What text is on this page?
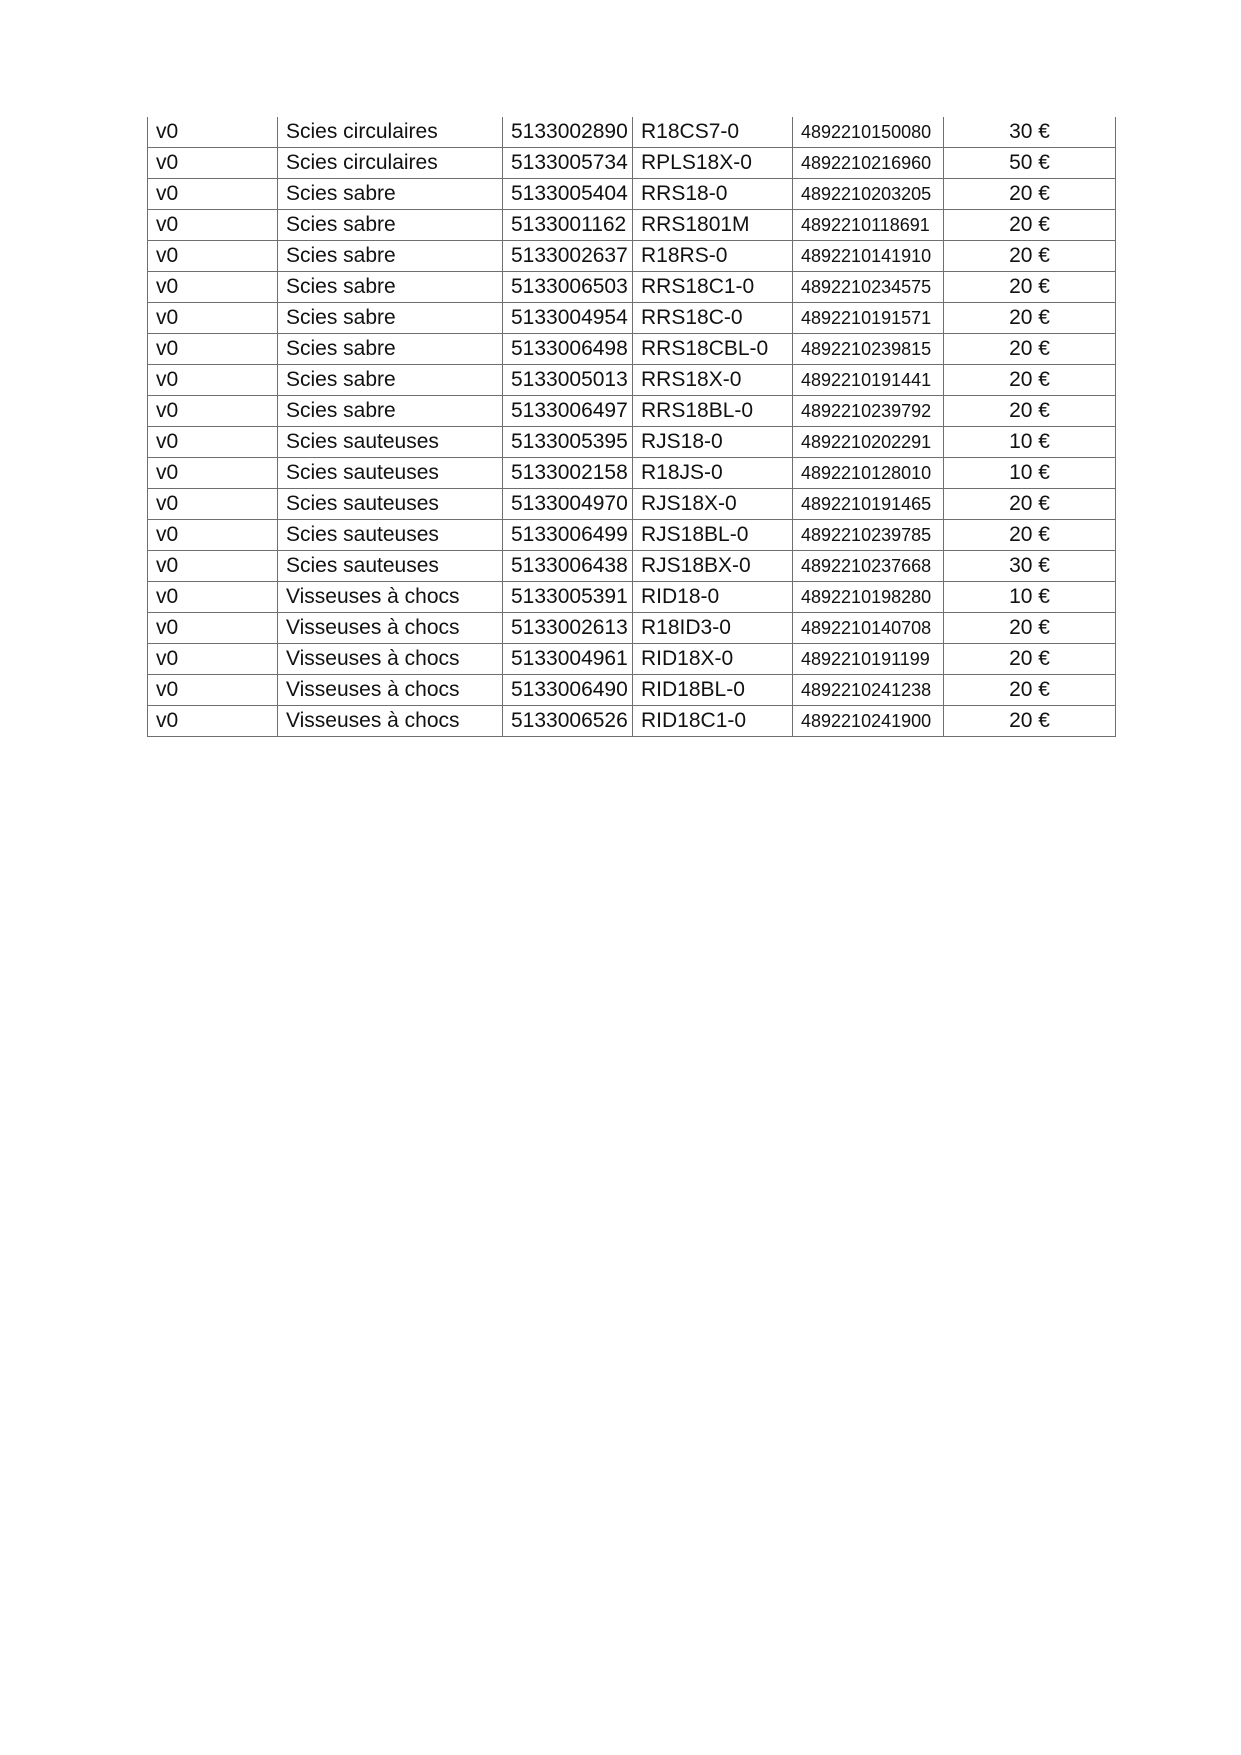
v0	Scies circulaires	5133002890	R18CS7-0	4892210150080	30 €
v0	Scies circulaires	5133005734	RPLS18X-0	4892210216960	50 €
v0	Scies sabre	5133005404	RRS18-0	4892210203205	20 €
v0	Scies sabre	5133001162	RRS1801M	4892210118691	20 €
v0	Scies sabre	5133002637	R18RS-0	4892210141910	20 €
v0	Scies sabre	5133006503	RRS18C1-0	4892210234575	20 €
v0	Scies sabre	5133004954	RRS18C-0	4892210191571	20 €
v0	Scies sabre	5133006498	RRS18CBL-0	4892210239815	20 €
v0	Scies sabre	5133005013	RRS18X-0	4892210191441	20 €
v0	Scies sabre	5133006497	RRS18BL-0	4892210239792	20 €
v0	Scies sauteuses	5133005395	RJS18-0	4892210202291	10 €
v0	Scies sauteuses	5133002158	R18JS-0	4892210128010	10 €
v0	Scies sauteuses	5133004970	RJS18X-0	4892210191465	20 €
v0	Scies sauteuses	5133006499	RJS18BL-0	4892210239785	20 €
v0	Scies sauteuses	5133006438	RJS18BX-0	4892210237668	30 €
v0	Visseuses à chocs	5133005391	RID18-0	4892210198280	10 €
v0	Visseuses à chocs	5133002613	R18ID3-0	4892210140708	20 €
v0	Visseuses à chocs	5133004961	RID18X-0	4892210191199	20 €
v0	Visseuses à chocs	5133006490	RID18BL-0	4892210241238	20 €
v0	Visseuses à chocs	5133006526	RID18C1-0	4892210241900	20 €
